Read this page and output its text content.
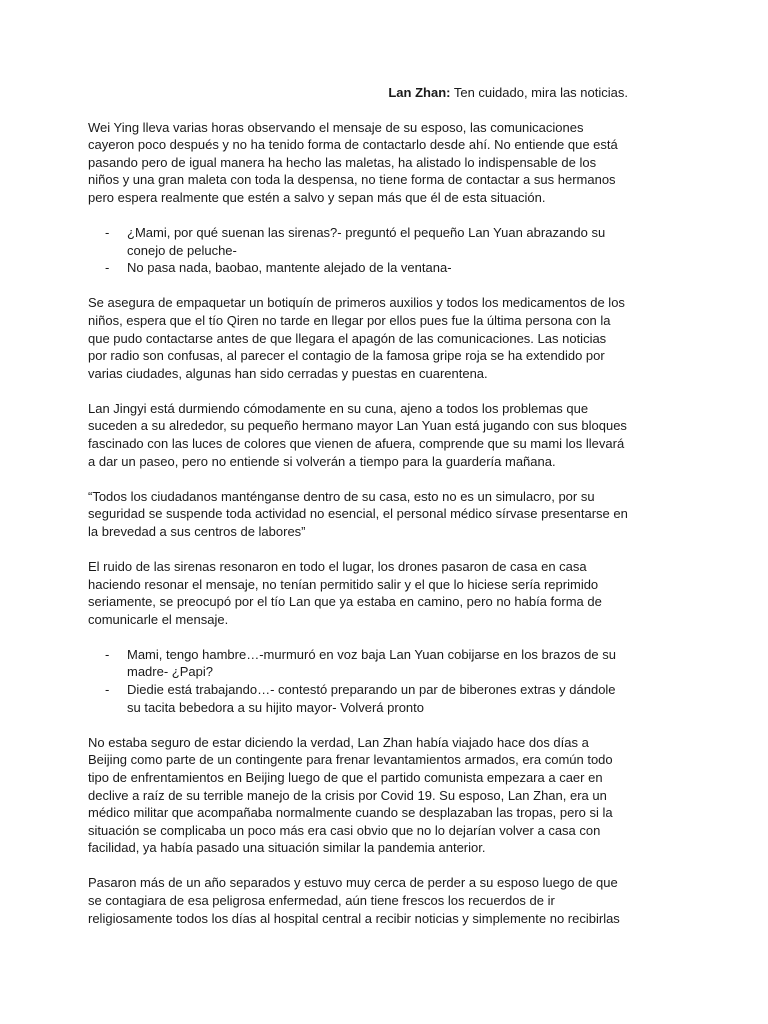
Lan Zhan: Ten cuidado, mira las noticias.

Wei Ying lleva varias horas observando el mensaje de su esposo, las comunicaciones cayeron poco después y no ha tenido forma de contactarlo desde ahí. No entiende que está pasando pero de igual manera ha hecho las maletas, ha alistado lo indispensable de los niños y una gran maleta con toda la despensa, no tiene forma de contactar a sus hermanos pero espera realmente que estén a salvo y sepan más que él de esta situación.

- ¿Mami, por qué suenan las sirenas?- preguntó el pequeño Lan Yuan abrazando su conejo de peluche-
- No pasa nada, baobao, mantente alejado de la ventana-

Se asegura de empaquetar un botiquín de primeros auxilios y todos los medicamentos de los niños, espera que el tío Qiren no tarde en llegar por ellos pues fue la última persona con la que pudo contactarse antes de que llegara el apagón de las comunicaciones. Las noticias por radio son confusas, al parecer el contagio de la famosa gripe roja se ha extendido por varias ciudades, algunas han sido cerradas y puestas en cuarentena.

Lan Jingyi está durmiendo cómodamente en su cuna, ajeno a todos los problemas que suceden a su alrededor, su pequeño hermano mayor Lan Yuan está jugando con sus bloques fascinado con las luces de colores que vienen de afuera, comprende que su mami los llevará a dar un paseo, pero no entiende si volverán a tiempo para la guardería mañana.

“Todos los ciudadanos manténganse dentro de su casa, esto no es un simulacro, por su seguridad se suspende toda actividad no esencial, el personal médico sírvase presentarse en la brevedad a sus centros de labores”

El ruido de las sirenas resonaron en todo el lugar, los drones pasaron de casa en casa haciendo resonar el mensaje, no tenían permitido salir y el que lo hiciese sería reprimido seriamente, se preocupó por el tío Lan que ya estaba en camino, pero no había forma de comunicarle el mensaje.

- Mami, tengo hambre…-murmuró en voz baja Lan Yuan cobijarse en los brazos de su madre- ¿Papi?
- Diedie está trabajando…- contestó preparando un par de biberones extras y dándole su tacita bebedora a su hijito mayor- Volverá pronto

No estaba seguro de estar diciendo la verdad, Lan Zhan había viajado hace dos días a Beijing como parte de un contingente para frenar levantamientos armados, era común todo tipo de enfrentamientos en Beijing luego de que el partido comunista empezara a caer en declive a raíz de su terrible manejo de la crisis por Covid 19. Su esposo, Lan Zhan, era un médico militar que acompañaba normalmente cuando se desplazaban las tropas, pero si la situación se complicaba un poco más era casi obvio que no lo dejarían volver a casa con facilidad, ya había pasado una situación similar la pandemia anterior.

Pasaron más de un año separados y estuvo muy cerca de perder a su esposo luego de que se contagiara de esa peligrosa enfermedad, aún tiene frescos los recuerdos de ir religiosamente todos los días al hospital central a recibir noticias y simplemente no recibirlas
